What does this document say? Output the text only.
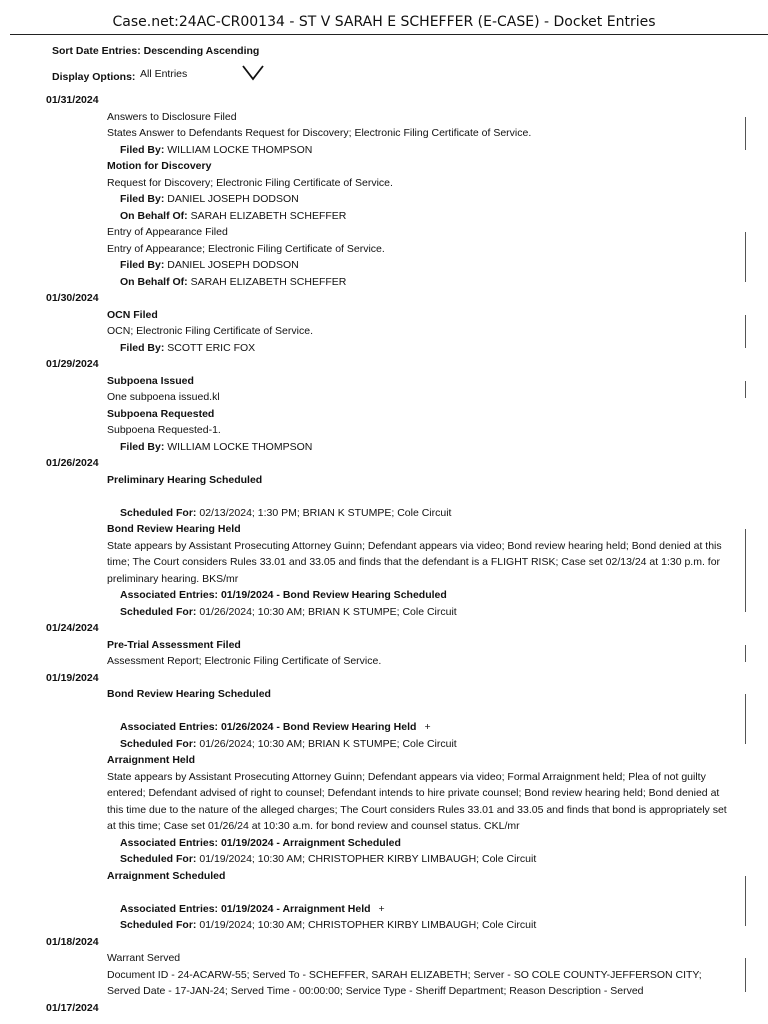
Case.net:24AC-CR00134 - ST V SARAH E SCHEFFER (E-CASE) - Docket Entries
Sort Date Entries: Descending Ascending
Display Options: All Entries
01/31/2024
Answers to Disclosure Filed
States Answer to Defendants Request for Discovery; Electronic Filing Certificate of Service.
Filed By: WILLIAM LOCKE THOMPSON
Motion for Discovery
Request for Discovery; Electronic Filing Certificate of Service.
Filed By: DANIEL JOSEPH DODSON
On Behalf Of: SARAH ELIZABETH SCHEFFER
Entry of Appearance Filed
Entry of Appearance; Electronic Filing Certificate of Service.
Filed By: DANIEL JOSEPH DODSON
On Behalf Of: SARAH ELIZABETH SCHEFFER
01/30/2024
OCN Filed
OCN; Electronic Filing Certificate of Service.
Filed By: SCOTT ERIC FOX
01/29/2024
Subpoena Issued
One subpoena issued.kl
Subpoena Requested
Subpoena Requested-1.
Filed By: WILLIAM LOCKE THOMPSON
01/26/2024
Preliminary Hearing Scheduled
Scheduled For: 02/13/2024; 1:30 PM; BRIAN K STUMPE; Cole Circuit
Bond Review Hearing Held
State appears by Assistant Prosecuting Attorney Guinn; Defendant appears via video; Bond review hearing held; Bond denied at this time; The Court considers Rules 33.01 and 33.05 and finds that the defendant is a FLIGHT RISK; Case set 02/13/24 at 1:30 p.m. for preliminary hearing. BKS/mr
Associated Entries: 01/19/2024 - Bond Review Hearing Scheduled
Scheduled For: 01/26/2024; 10:30 AM; BRIAN K STUMPE; Cole Circuit
01/24/2024
Pre-Trial Assessment Filed
Assessment Report; Electronic Filing Certificate of Service.
01/19/2024
Bond Review Hearing Scheduled
Associated Entries: 01/26/2024 - Bond Review Hearing Held +
Scheduled For: 01/26/2024; 10:30 AM; BRIAN K STUMPE; Cole Circuit
Arraignment Held
State appears by Assistant Prosecuting Attorney Guinn; Defendant appears via video; Formal Arraignment held; Plea of not guilty entered; Defendant advised of right to counsel; Defendant intends to hire private counsel; Bond review hearing held; Bond denied at this time due to the nature of the alleged charges; The Court considers Rules 33.01 and 33.05 and finds that bond is appropriately set at this time; Case set 01/26/24 at 10:30 a.m. for bond review and counsel status. CKL/mr
Associated Entries: 01/19/2024 - Arraignment Scheduled
Scheduled For: 01/19/2024; 10:30 AM; CHRISTOPHER KIRBY LIMBAUGH; Cole Circuit
Arraignment Scheduled
Associated Entries: 01/19/2024 - Arraignment Held +
Scheduled For: 01/19/2024; 10:30 AM; CHRISTOPHER KIRBY LIMBAUGH; Cole Circuit
01/18/2024
Warrant Served
Document ID - 24-ACARW-55; Served To - SCHEFFER, SARAH ELIZABETH; Server - SO COLE COUNTY-JEFFERSON CITY; Served Date - 17-JAN-24; Served Time - 00:00:00; Service Type - Sheriff Department; Reason Description - Served
01/17/2024
